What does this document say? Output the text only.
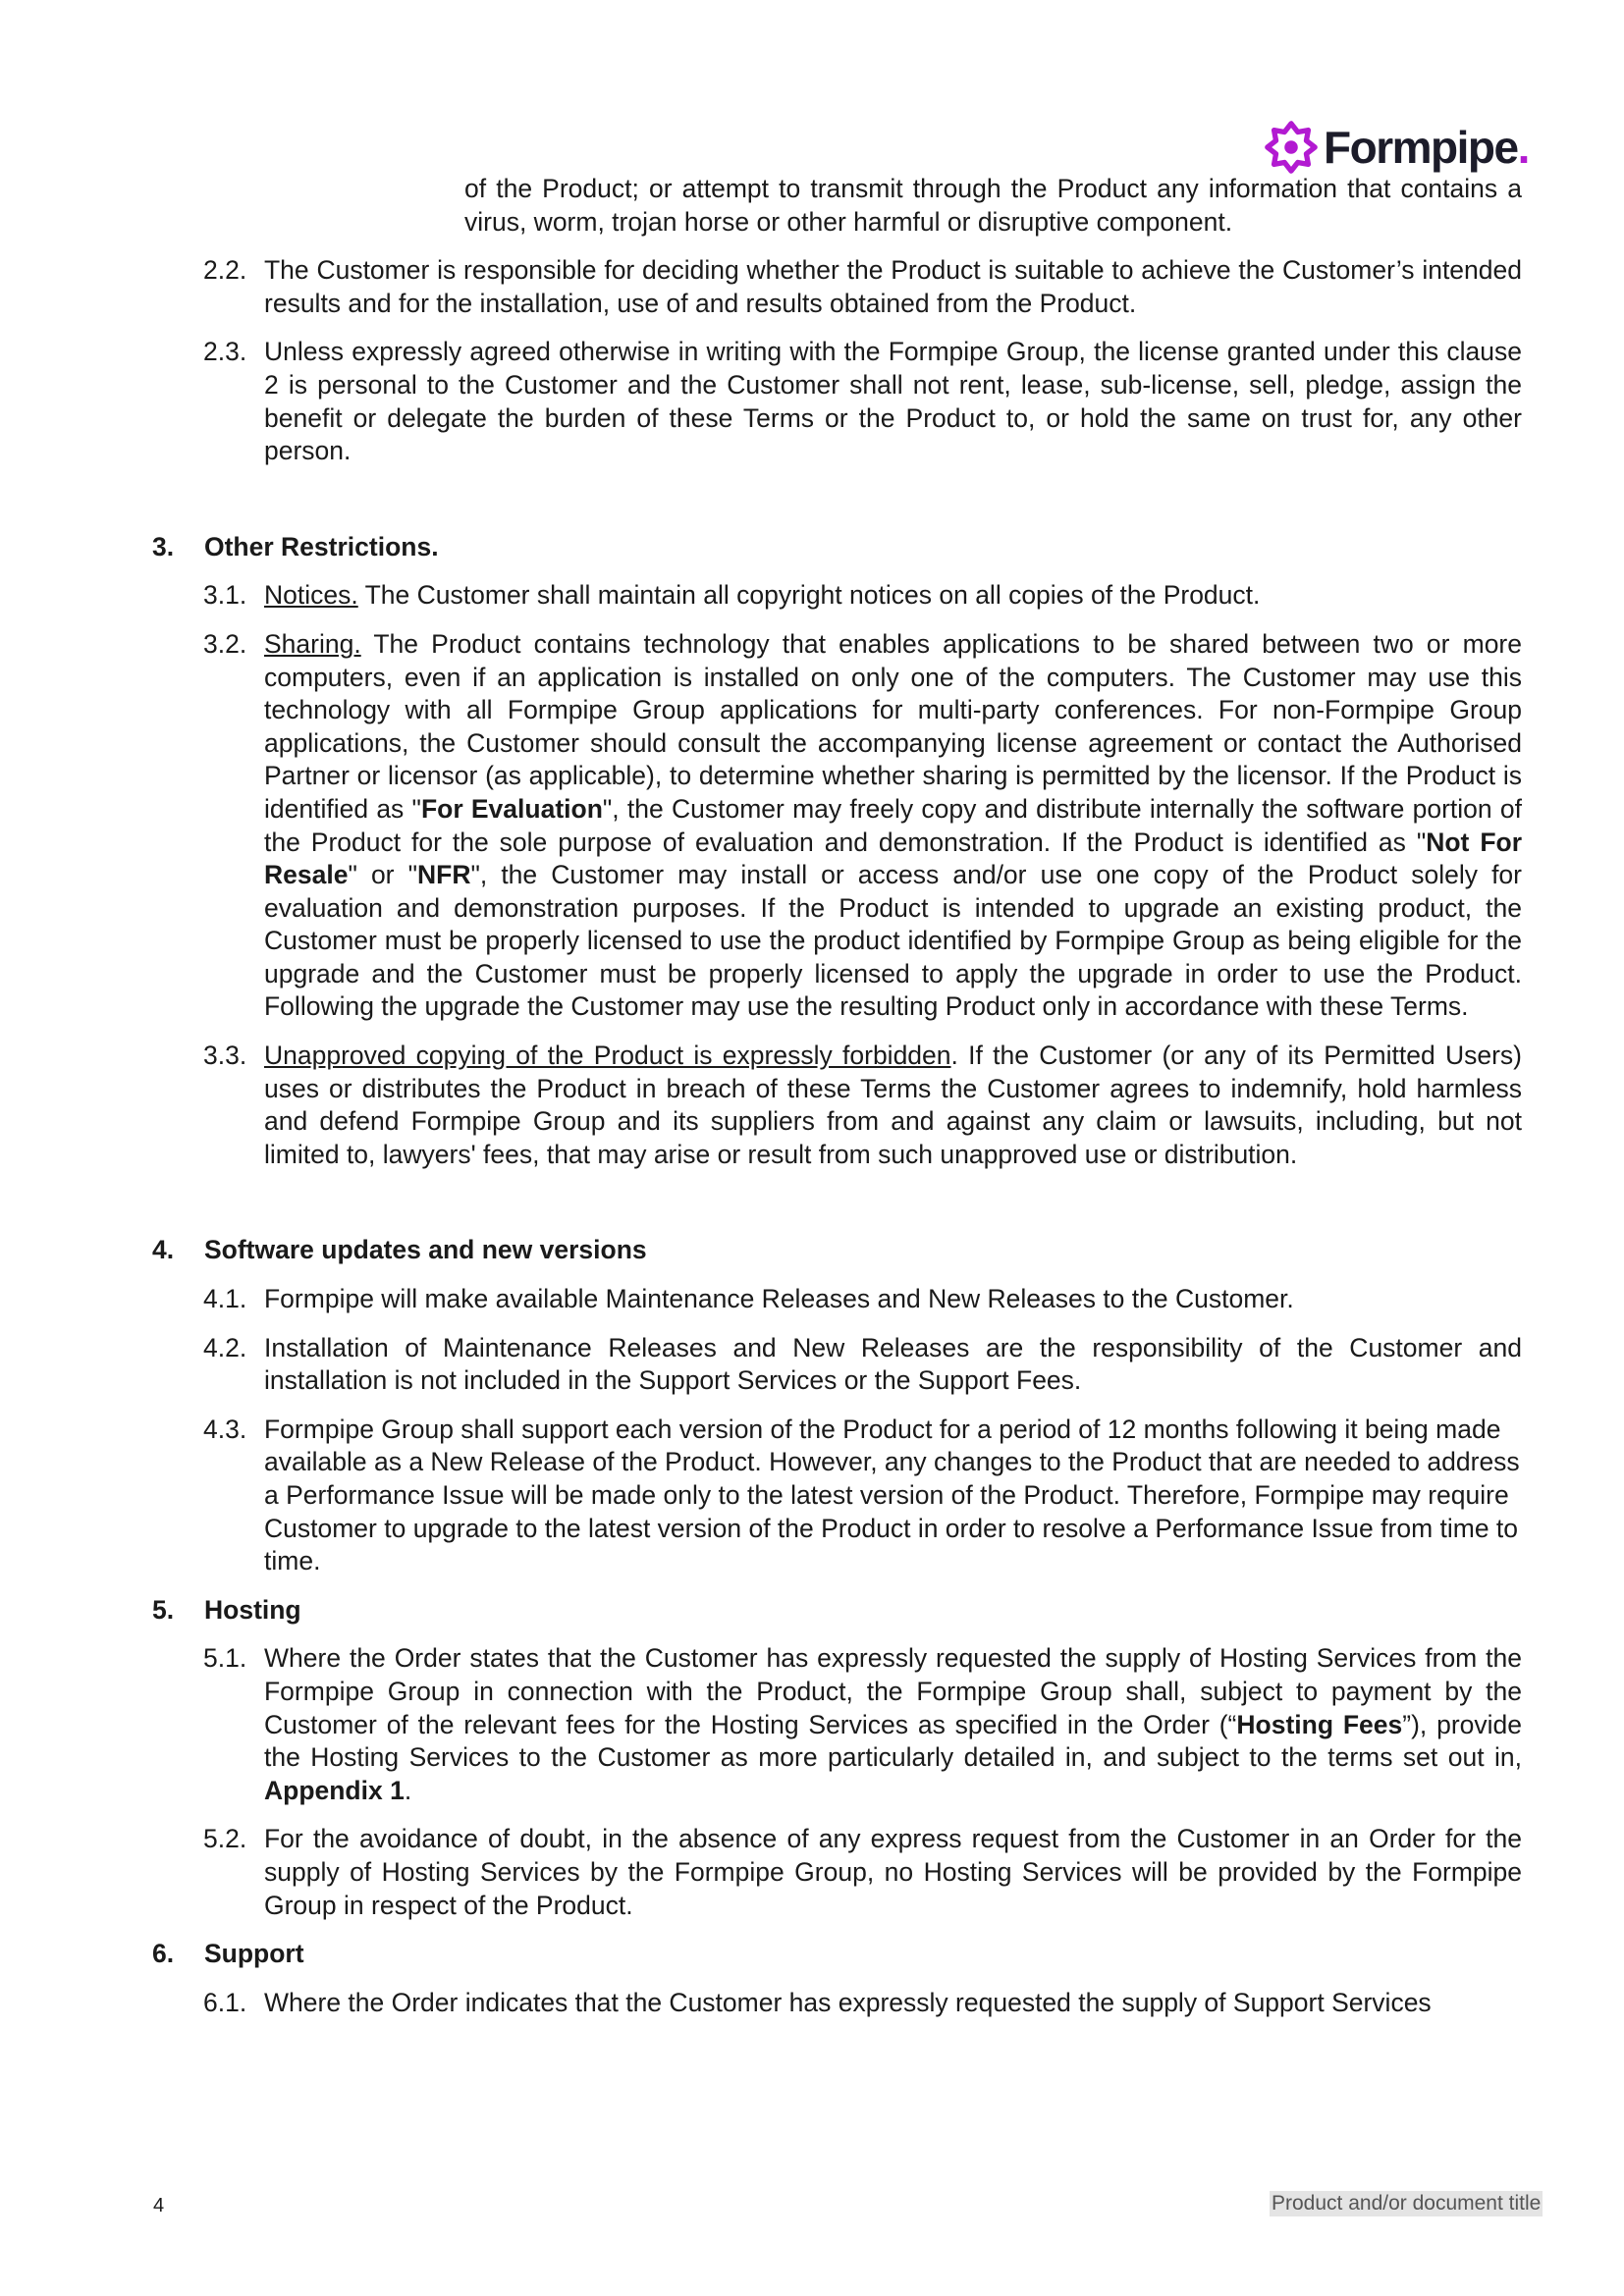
Formpipe.

of the Product; or attempt to transmit through the Product any information that contains a virus, worm, trojan horse or other harmful or disruptive component.

2.2. The Customer is responsible for deciding whether the Product is suitable to achieve the Customer’s intended results and for the installation, use of and results obtained from the Product.
2.3. Unless expressly agreed otherwise in writing with the Formpipe Group, the license granted under this clause 2 is personal to the Customer and the Customer shall not rent, lease, sub-license, sell, pledge, assign the benefit or delegate the burden of these Terms or the Product to, or hold the same on trust for, any other person.
3. Other Restrictions.
3.1. Notices. The Customer shall maintain all copyright notices on all copies of the Product.
3.2. Sharing. The Product contains technology that enables applications to be shared between two or more computers, even if an application is installed on only one of the computers. The Customer may use this technology with all Formpipe Group applications for multi-party conferences. For non-Formpipe Group applications, the Customer should consult the accompanying license agreement or contact the Authorised Partner or licensor (as applicable), to determine whether sharing is permitted by the licensor. If the Product is identified as "For Evaluation", the Customer may freely copy and distribute internally the software portion of the Product for the sole purpose of evaluation and demonstration. If the Product is identified as "Not For Resale" or "NFR", the Customer may install or access and/or use one copy of the Product solely for evaluation and demonstration purposes. If the Product is intended to upgrade an existing product, the Customer must be properly licensed to use the product identified by Formpipe Group as being eligible for the upgrade and the Customer must be properly licensed to apply the upgrade in order to use the Product. Following the upgrade the Customer may use the resulting Product only in accordance with these Terms.
3.3. Unapproved copying of the Product is expressly forbidden. If the Customer (or any of its Permitted Users) uses or distributes the Product in breach of these Terms the Customer agrees to indemnify, hold harmless and defend Formpipe Group and its suppliers from and against any claim or lawsuits, including, but not limited to, lawyers' fees, that may arise or result from such unapproved use or distribution.
4. Software updates and new versions
4.1. Formpipe will make available Maintenance Releases and New Releases to the Customer.
4.2. Installation of Maintenance Releases and New Releases are the responsibility of the Customer and installation is not included in the Support Services or the Support Fees.
4.3. Formpipe Group shall support each version of the Product for a period of 12 months following it being made available as a New Release of the Product. However, any changes to the Product that are needed to address a Performance Issue will be made only to the latest version of the Product. Therefore, Formpipe may require Customer to upgrade to the latest version of the Product in order to resolve a Performance Issue from time to time.
5. Hosting
5.1. Where the Order states that the Customer has expressly requested the supply of Hosting Services from the Formpipe Group in connection with the Product, the Formpipe Group shall, subject to payment by the Customer of the relevant fees for the Hosting Services as specified in the Order (“Hosting Fees”), provide the Hosting Services to the Customer as more particularly detailed in, and subject to the terms set out in, Appendix 1.
5.2. For the avoidance of doubt, in the absence of any express request from the Customer in an Order for the supply of Hosting Services by the Formpipe Group, no Hosting Services will be provided by the Formpipe Group in respect of the Product.
6. Support
6.1. Where the Order indicates that the Customer has expressly requested the supply of Support Services
4	Product and/or document title
